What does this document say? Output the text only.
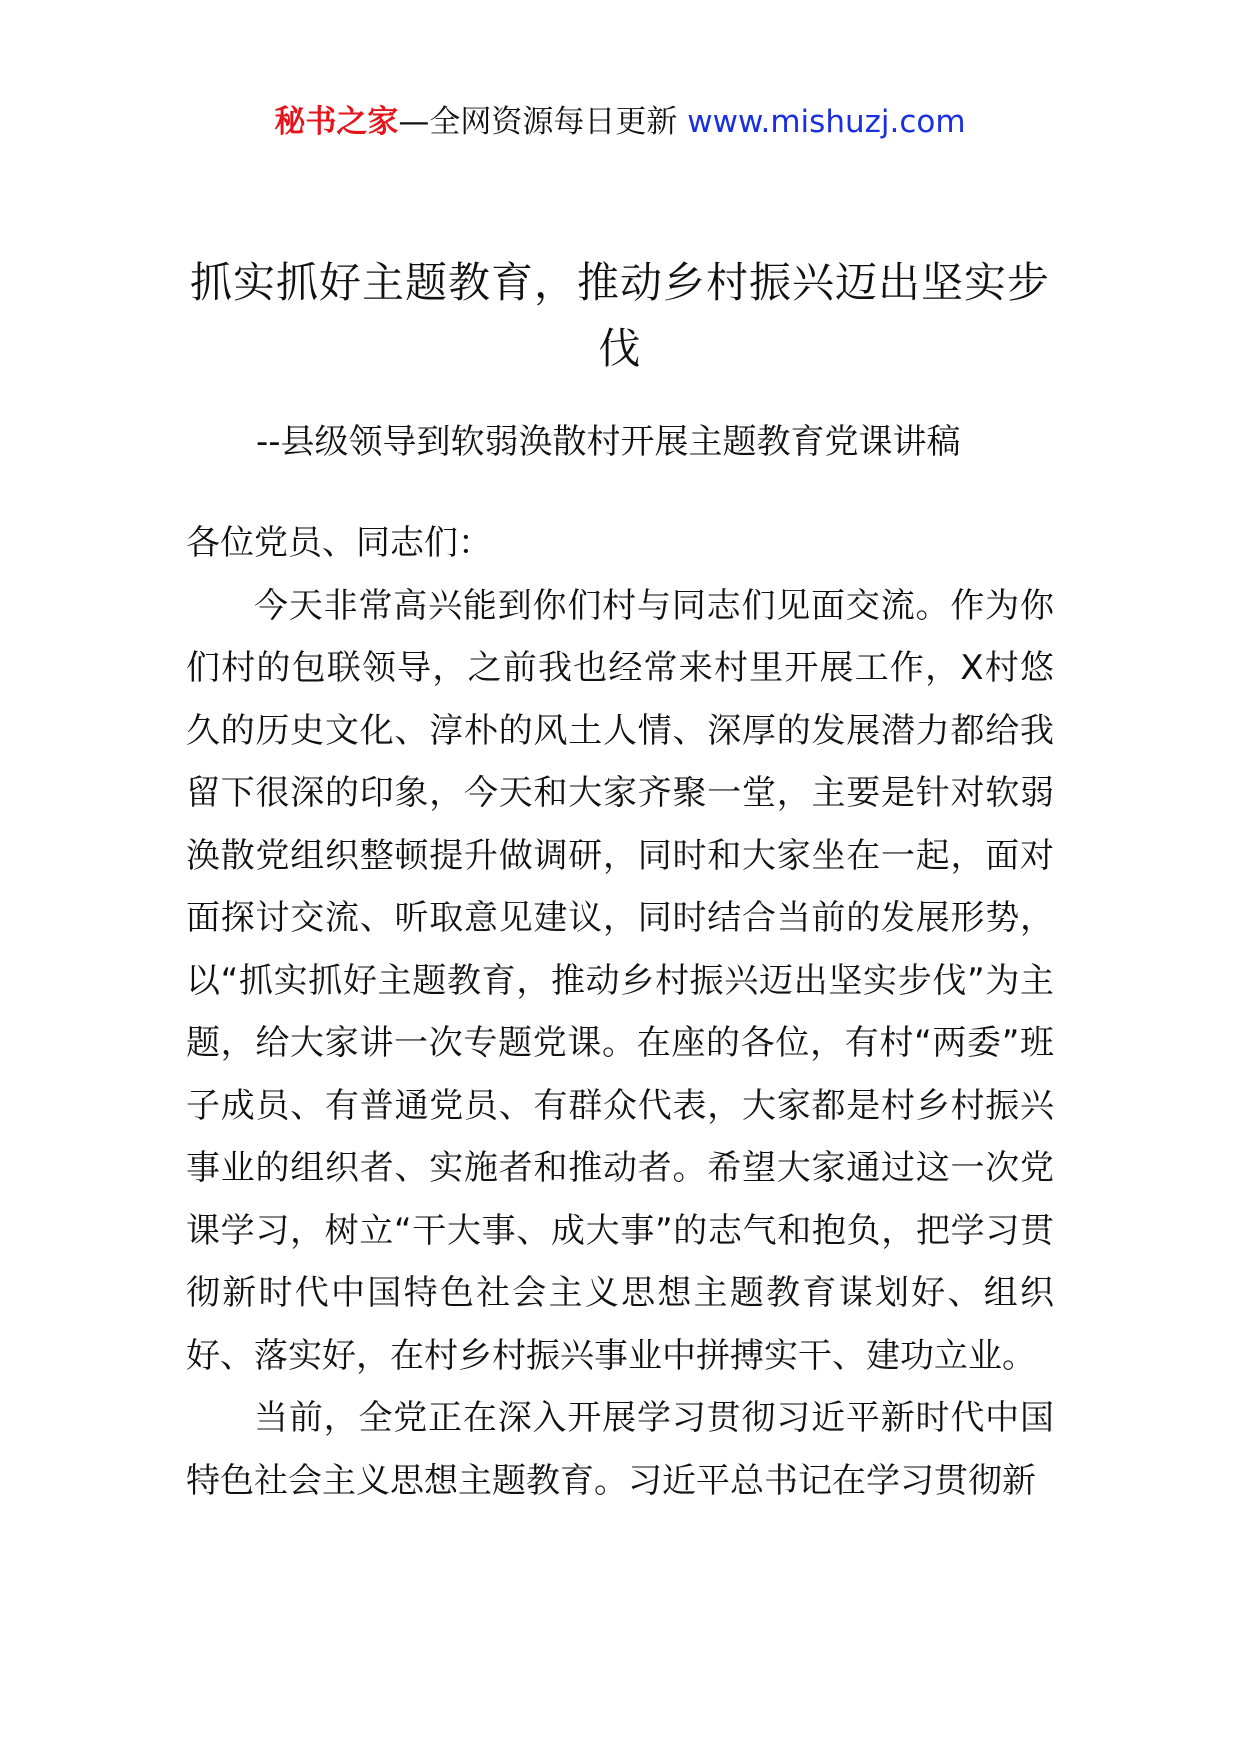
秘书之家—全网资源每日更新 www.mishuzj.com
抓实抓好主题教育，推动乡村振兴迈出坚实步伐
--县级领导到软弱涣散村开展主题教育党课讲稿

各位党员、同志们：

今天非常高兴能到你们村与同志们见面交流。作为你们村的包联领导，之前我也经常来村里开展工作，X村悠久的历史文化、淳朴的风土人情、深厚的发展潜力都给我留下很深的印象，今天和大家齐聚一堂，主要是针对软弱涣散党组织整顿提升做调研，同时和大家坐在一起，面对面探讨交流、听取意见建议，同时结合当前的发展形势，以“抓实抓好主题教育，推动乡村振兴迈出坚实步伐”为主题，给大家讲一次专题党课。在座的各位，有村“两委”班子成员、有普通党员、有群众代表，大家都是村乡村振兴事业的组织者、实施者和推动者。希望大家通过这一次党课学习，树立“干大事、成大事”的志气和抱负，把学习贯彻新时代中国特色社会主义思想主题教育谋划好、组织好、落实好，在村乡村振兴事业中拼搏实干、建功立业。

当前，全党正在深入开展学习贯彻习近平新时代中国特色社会主义思想主题教育。习近平总书记在学习贯彻新
